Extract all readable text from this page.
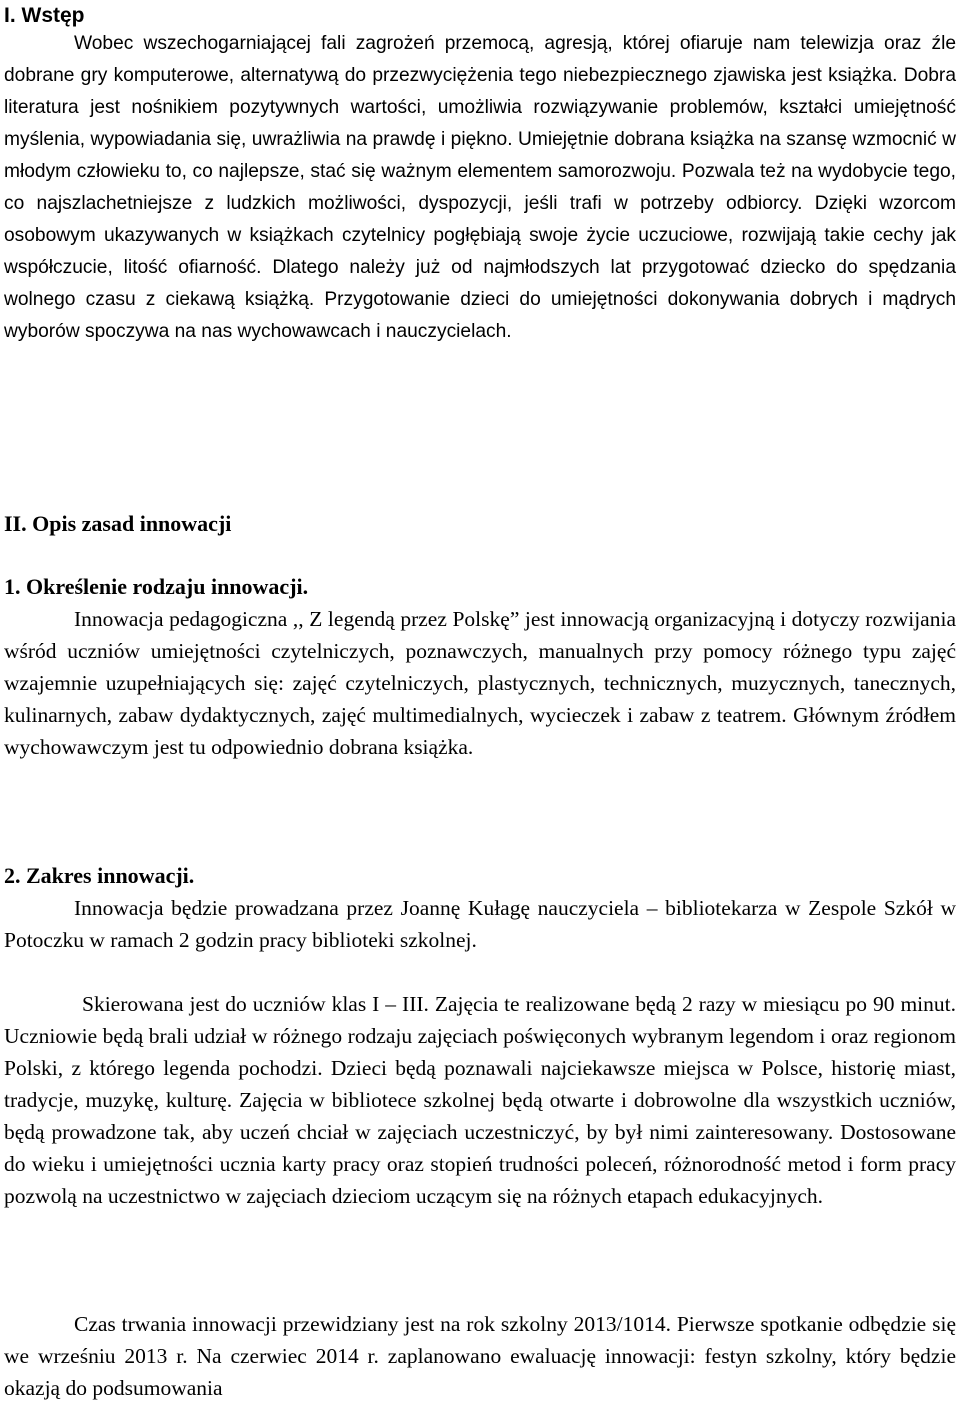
I. Wstęp

Wobec wszechogarniającej fali zagrożeń przemocą, agresją, której ofiaruje nam telewizja oraz źle dobrane gry komputerowe, alternatywą do przezwyciężenia tego niebezpiecznego zjawiska jest książka. Dobra literatura jest nośnikiem pozytywnych wartości, umożliwia rozwiązywanie problemów, kształci umiejętność myślenia, wypowiadania się, uwrażliwia na prawdę i piękno. Umiejętnie dobrana książka na szansę wzmocnić w młodym człowieku to, co najlepsze, stać się ważnym elementem samorozwoju. Pozwala też na wydobycie tego, co najszlachetniejsze z ludzkich możliwości, dyspozycji, jeśli trafi w potrzeby odbiorcy. Dzięki wzorcom osobowym ukazywanych w książkach czytelnicy pogłębiają swoje życie uczuciowe, rozwijają takie cechy jak współczucie, litość ofiarność. Dlatego należy już od najmłodszych lat przygotować dziecko do spędzania wolnego czasu z ciekawą książką. Przygotowanie dzieci do umiejętności dokonywania dobrych i mądrych wyborów spoczywa na nas wychowawcach i nauczycielach.

II. Opis zasad innowacji
1. Określenie rodzaju innowacji.

Innowacja pedagogiczna ,, Z legendą przez Polskę” jest innowacją organizacyjną i dotyczy rozwijania wśród uczniów umiejętności czytelniczych, poznawczych, manualnych przy pomocy różnego typu zajęć wzajemnie uzupełniających się: zajęć czytelniczych, plastycznych, technicznych, muzycznych, tanecznych, kulinarnych, zabaw dydaktycznych, zajęć multimedialnych, wycieczek i zabaw z teatrem. Głównym źródłem wychowawczym jest tu odpowiednio dobrana książka.

2. Zakres innowacji.

Innowacja będzie prowadzana przez Joannę Kułagę nauczyciela – bibliotekarza w Zespole Szkół w Potoczku w ramach 2 godzin pracy biblioteki szkolnej.

Skierowana jest do uczniów klas I – III. Zajęcia te realizowane będą 2 razy w miesiącu po 90 minut. Uczniowie będą brali udział w różnego rodzaju zajęciach poświęconych wybranym legendom i oraz regionom Polski, z którego legenda pochodzi. Dzieci będą poznawali najciekawsze miejsca w Polsce, historię miast, tradycje, muzykę, kulturę. Zajęcia w bibliotece szkolnej będą otwarte i dobrowolne dla wszystkich uczniów, będą prowadzone tak, aby uczeń chciał w zajęciach uczestniczyć, by był nimi zainteresowany. Dostosowane do wieku i umiejętności ucznia karty pracy oraz stopień trudności poleceń, różnorodność metod i form pracy pozwolą na uczestnictwo w zajęciach dzieciom uczącym się na różnych etapach edukacyjnych.

Czas trwania innowacji przewidziany jest na rok szkolny 2013/1014. Pierwsze spotkanie odbędzie się we wrześniu 2013 r. Na czerwiec 2014 r. zaplanowano ewaluację innowacji: festyn szkolny, który będzie okazją do podsumowania
